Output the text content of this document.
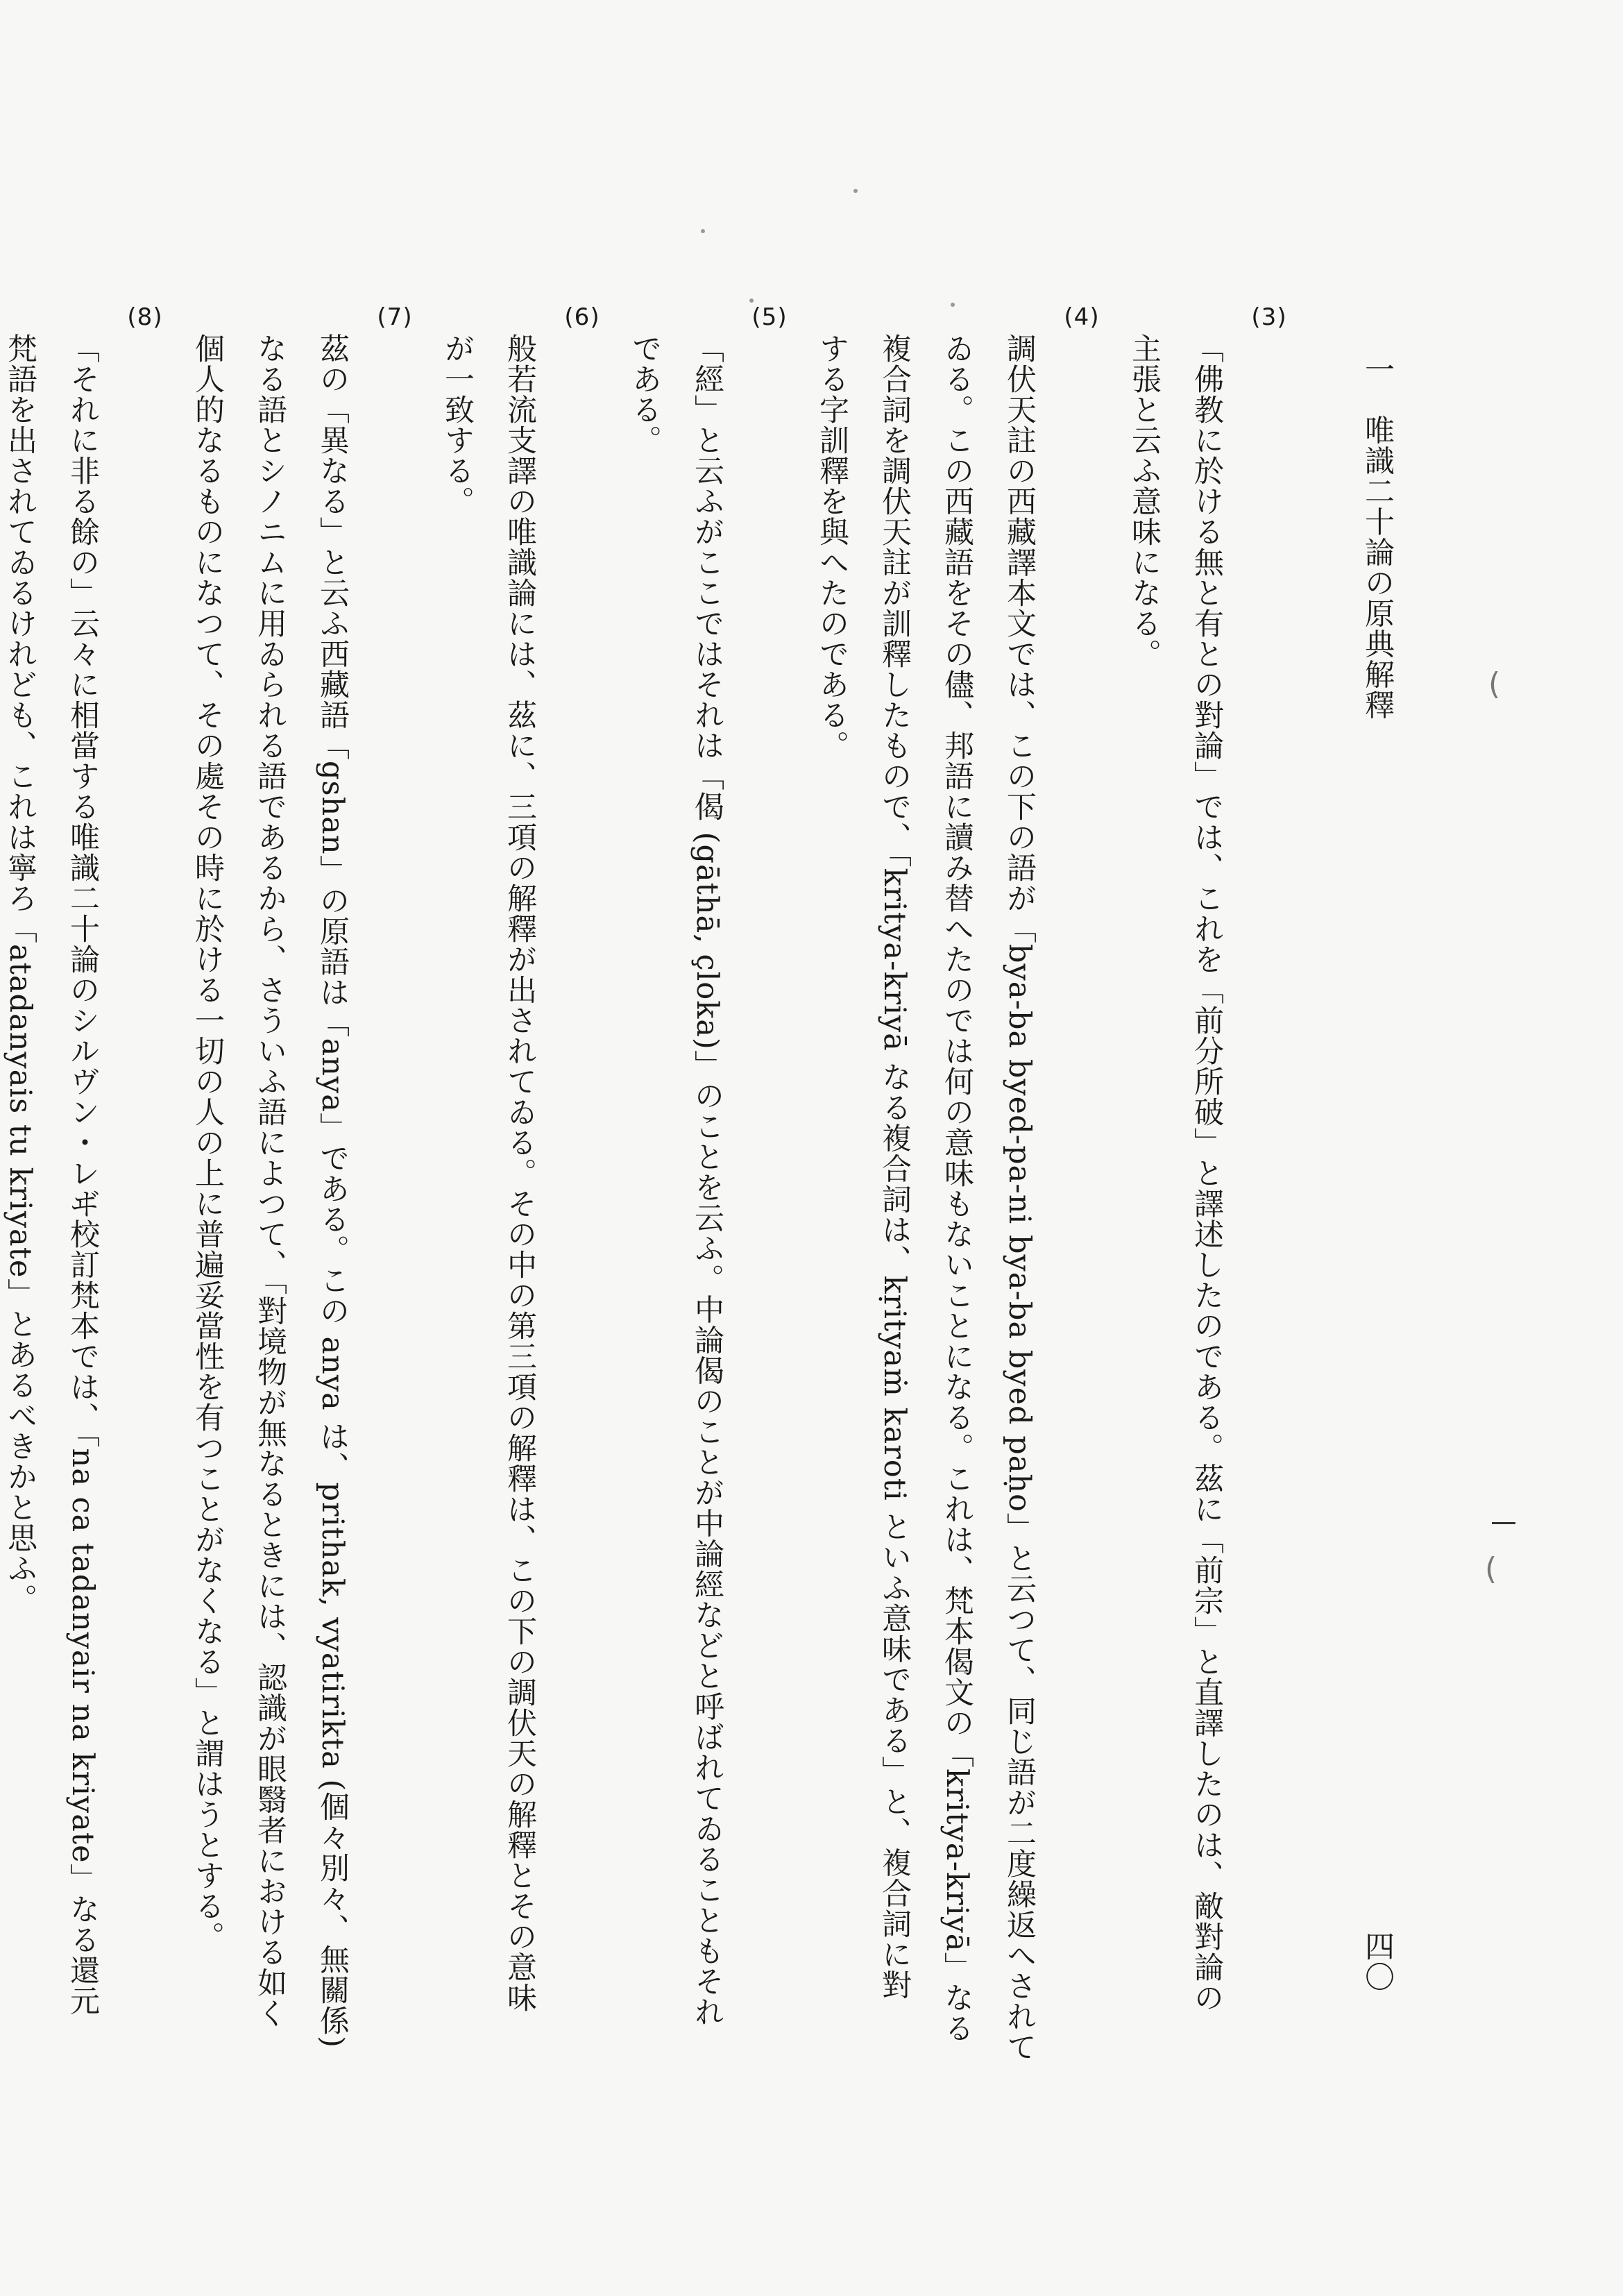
(
(
一 唯識二十論の原典解釋
四〇
(3)
「佛教に於ける無と有との對論」では、これを「前分所破」と譯述したのである。茲に「前宗」と直譯したのは、敵對論の
主張と云ふ意味になる。
(4)
調伏天註の西藏譯本文では、この下の語が「bya-ba byed-pa-ni bya-ba byed paḥo」と云つて、同じ語が二度繰返へされて
ゐる。この西藏語をその儘、邦語に讀み替へたのでは何の意味もないことになる。これは、梵本偈文の「kritya-kriyā」なる
複合詞を調伏天註が訓釋したもので、「kritya-kriyā なる複合詞は、kṛityaṁ karoti といふ意味である」と、複合詞に對
する字訓釋を與へたのである。
(5)
「經」と云ふがここではそれは「偈 (gāthā, çloka)」のことを云ふ。中論偈のことが中論經などと呼ばれてゐることもそれ
である。
(6)
般若流支譯の唯識論には、茲に、三項の解釋が出されてゐる。その中の第三項の解釋は、この下の調伏天の解釋とその意味
が一致する。
(7)
茲の「異なる」と云ふ西藏語「gshan」の原語は「anya」である。この anya は、prithak, vyatirikta (個々別々、無關係)
なる語とシノニムに用ゐられる語であるから、さういふ語によつて、「對境物が無なるときには、認識が眼翳者における如く
個人的なるものになつて、その處その時に於ける一切の人の上に普遍妥當性を有つことがなくなる」と謂はうとする。
(8)
「それに非る餘の」云々に相當する唯識二十論のシルヴン・レヸ校訂梵本では、「na ca tadanyair na kriyate」なる還元
梵語を出されてゐるけれども、これは寧ろ「atadanyais tu kriyate」とあるべきかと思ふ。
